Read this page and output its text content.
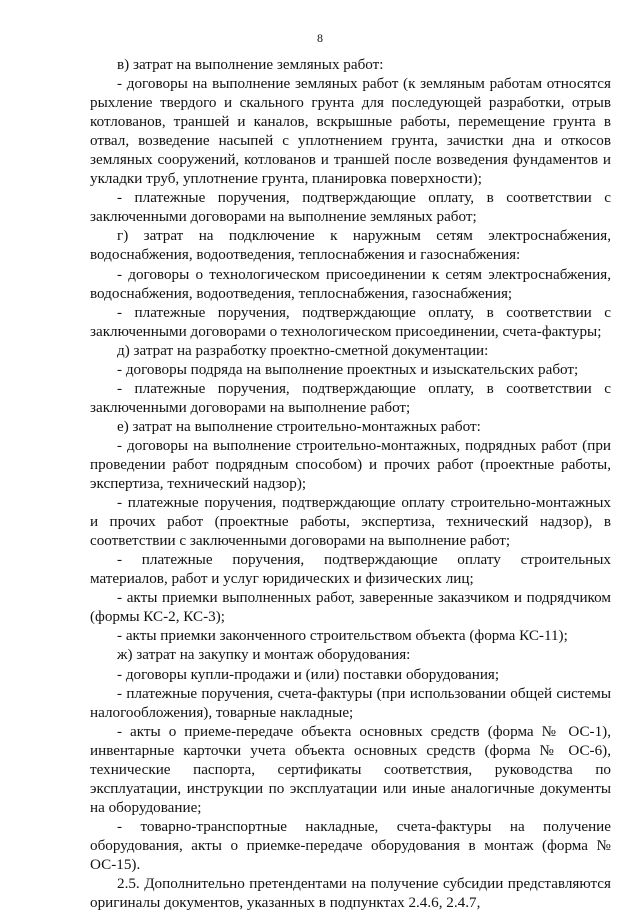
8

в) затрат на выполнение земляных работ:

- договоры на выполнение земляных работ (к земляным работам относятся рыхление твердого и скального грунта для последующей разработки, отрыв котлованов, траншей и каналов, вскрышные работы, перемещение грунта в отвал, возведение насыпей с уплотнением грунта, зачистки дна и откосов земляных сооружений, котлованов и траншей после возведения фундаментов и укладки труб, уплотнение грунта, планировка поверхности);

- платежные поручения, подтверждающие оплату, в соответствии с заключенными договорами на выполнение земляных работ;

г) затрат на подключение к наружным сетям электроснабжения, водоснабжения, водоотведения, теплоснабжения и газоснабжения:

- договоры о технологическом присоединении к сетям электроснабжения, водоснабжения, водоотведения, теплоснабжения, газоснабжения;

- платежные поручения, подтверждающие оплату, в соответствии с заключенными договорами о технологическом присоединении, счета-фактуры;

д) затрат на разработку проектно-сметной документации:

- договоры подряда на выполнение проектных и изыскательских работ;

- платежные поручения, подтверждающие оплату, в соответствии с заключенными договорами на выполнение работ;

е) затрат на выполнение строительно-монтажных работ:

- договоры на выполнение строительно-монтажных, подрядных работ (при проведении работ подрядным способом) и прочих работ (проектные работы, экспертиза, технический надзор);

- платежные поручения, подтверждающие оплату строительно-монтажных и прочих работ (проектные работы, экспертиза, технический надзор), в соответствии с заключенными договорами на выполнение работ;

- платежные поручения, подтверждающие оплату строительных материалов, работ и услуг юридических и физических лиц;

- акты приемки выполненных работ, заверенные заказчиком и подрядчиком (формы КС-2, КС-3);

- акты приемки законченного строительством объекта (форма КС-11);

ж) затрат на закупку и монтаж оборудования:

- договоры купли-продажи и (или) поставки оборудования;

- платежные поручения, счета-фактуры (при использовании общей системы налогообложения), товарные накладные;

- акты о приеме-передаче объекта основных средств (форма № ОС-1), инвентарные карточки учета объекта основных средств (форма № ОС-6), технические паспорта, сертификаты соответствия, руководства по эксплуатации, инструкции по эксплуатации или иные аналогичные документы на оборудование;

- товарно-транспортные накладные, счета-фактуры на получение оборудования, акты о приемке-передаче оборудования в монтаж (форма № ОС-15).

2.5. Дополнительно претендентами на получение субсидии представляются оригиналы документов, указанных в подпунктах 2.4.6, 2.4.7,
